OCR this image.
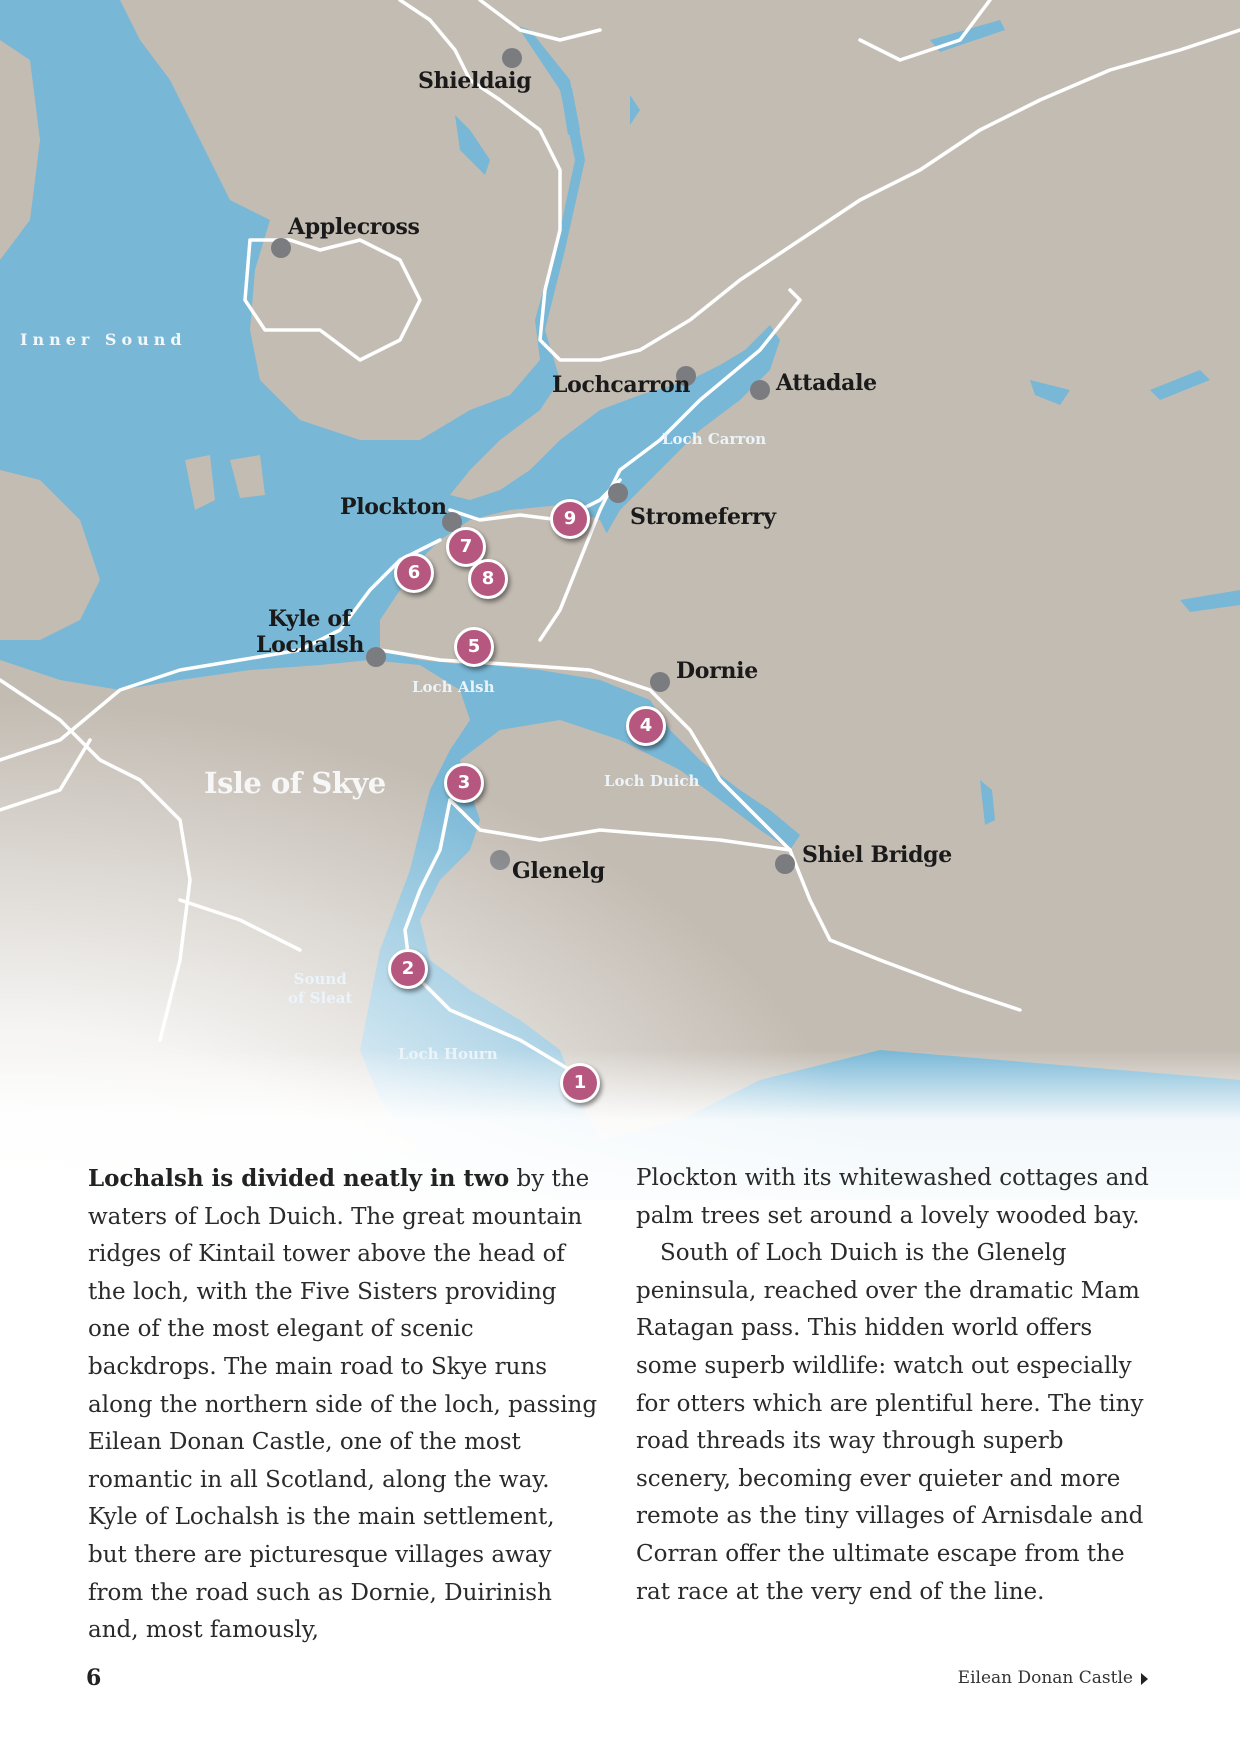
Shieldaig
Applecross
Lochcarron	Attadale
Plockton	Stromeferry
Kyle of
Lochalsh
Dornie
Glenelg
Shiel Bridge
Inner Sound
Loch Carron
Loch Alsh
Loch Duich
Sound
of Sleat
Loch Hourn
Isle of Skye
1
2
3
4
5
6
7
8
9

Lochalsh is divided neatly in two by the waters of Loch Duich. The great mountain ridges of Kintail tower above the head of the loch, with the Five Sisters providing one of the most elegant of scenic backdrops. The main road to Skye runs along the northern side of the loch, passing Eilean Donan Castle, one of the most romantic in all Scotland, along the way. Kyle of Lochalsh is the main settlement, but there are picturesque villages away from the road such as Dornie, Duirinish and, most famously,

Plockton with its whitewashed cottages and palm trees set around a lovely wooded bay.

South of Loch Duich is the Glenelg peninsula, reached over the dramatic Mam Ratagan pass. This hidden world offers some superb wildlife: watch out especially for otters which are plentiful here. The tiny road threads its way through superb scenery, becoming ever quieter and more remote as the tiny villages of Arnisdale and Corran offer the ultimate escape from the rat race at the very end of the line.

6	Eilean Donan Castle
